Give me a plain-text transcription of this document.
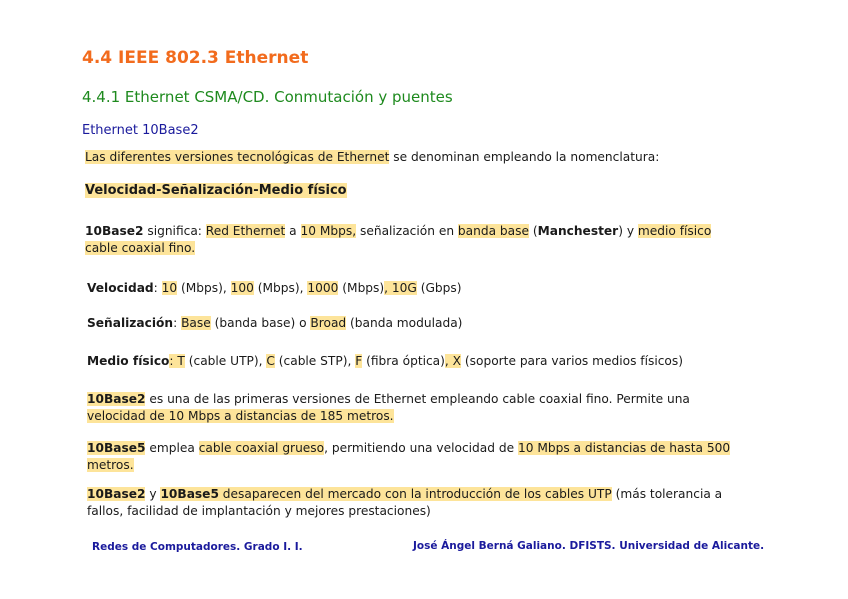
4.4 IEEE 802.3 Ethernet
4.4.1 Ethernet CSMA/CD. Conmutación y puentes
Ethernet 10Base2
Las diferentes versiones tecnológicas de Ethernet se denominan empleando la nomenclatura:
Velocidad-Señalización-Medio físico
10Base2 significa: Red Ethernet a 10 Mbps, señalización en banda base (Manchester) y medio físico
cable coaxial fino.
Velocidad: 10 (Mbps), 100 (Mbps), 1000 (Mbps), 10G (Gbps)
Señalización: Base (banda base) o Broad (banda modulada)
Medio físico: T (cable UTP), C (cable STP), F (fibra óptica), X (soporte para varios medios físicos)
10Base2 es una de las primeras versiones de Ethernet empleando cable coaxial fino. Permite una
velocidad de 10 Mbps a distancias de 185 metros.
10Base5 emplea cable coaxial grueso, permitiendo una velocidad de 10 Mbps a distancias de hasta 500
metros.
10Base2 y 10Base5 desaparecen del mercado con la introducción de los cables UTP (más tolerancia a
fallos, facilidad de implantación y mejores prestaciones)
Redes de Computadores. Grado I. I.	José Ángel Berná Galiano. DFISTS. Universidad de Alicante.
